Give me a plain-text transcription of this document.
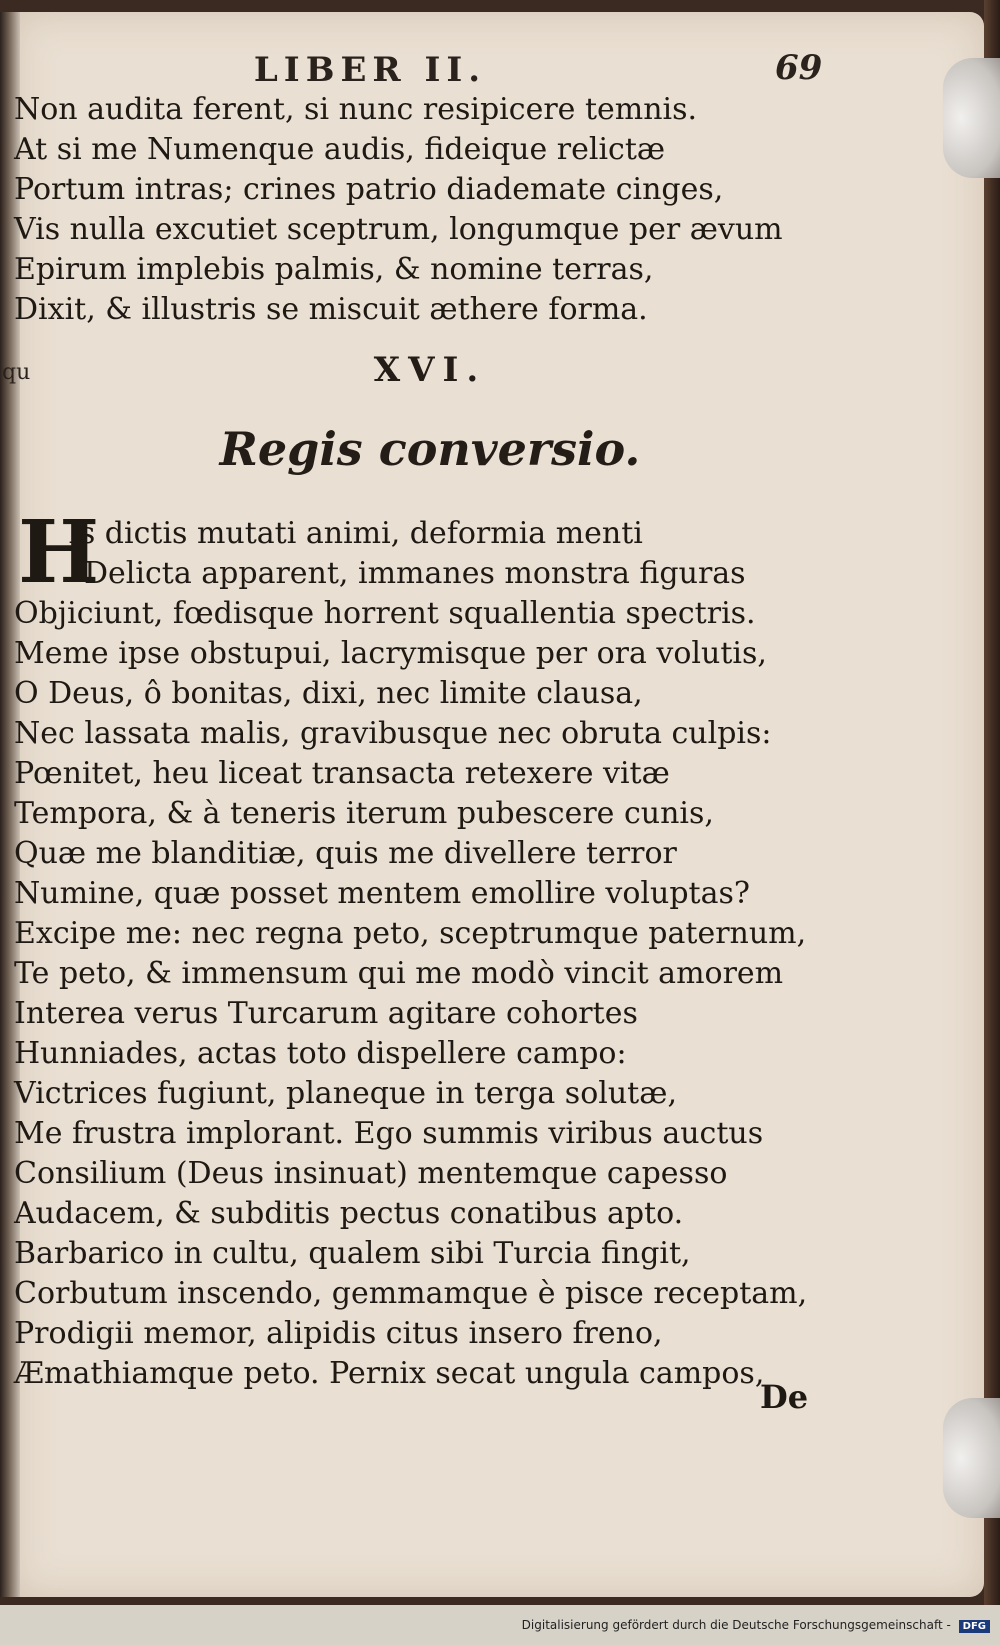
LIBER II.	69
Non audita ferent, si nunc resipicere temnis.
At si me Numenque audis, fideique relictæ
Portum intras; crines patrio diademate cinges,
Vis nulla excutiet sceptrum, longumque per ævum
Epirum implebis palmis, & nomine terras,
Dixit, & illustris se miscuit æthere forma.
qu	XVI.
Regis conversio.
H
Is dictis mutati animi, deformia menti
Delicta apparent, immanes monstra figuras
Objiciunt, fœdisque horrent squallentia spectris.
Meme ipse obstupui, lacrymisque per ora volutis,
O Deus, ô bonitas, dixi, nec limite clausa,
Nec lassata malis, gravibusque nec obruta culpis:
Pœnitet, heu liceat transacta retexere vitæ
Tempora, & à teneris iterum pubescere cunis,
Quæ me blanditiæ, quis me divellere terror
Numine, quæ posset mentem emollire voluptas?
Excipe me: nec regna peto, sceptrumque paternum,
Te peto, & immensum qui me modò vincit amorem
Interea verus Turcarum agitare cohortes
Hunniades, actas toto dispellere campo:
Victrices fugiunt, planeque in terga solutæ,
Me frustra implorant. Ego summis viribus auctus
Consilium (Deus insinuat) mentemque capesso
Audacem, & subditis pectus conatibus apto.
Barbarico in cultu, qualem sibi Turcia fingit,
Corbutum inscendo, gemmamque è pisce receptam,
Prodigii memor, alipidis citus insero freno,
Æmathiamque peto. Pernix secat ungula campos,
De
Digitalisierung gefördert durch die Deutsche Forschungsgemeinschaft - DFG
